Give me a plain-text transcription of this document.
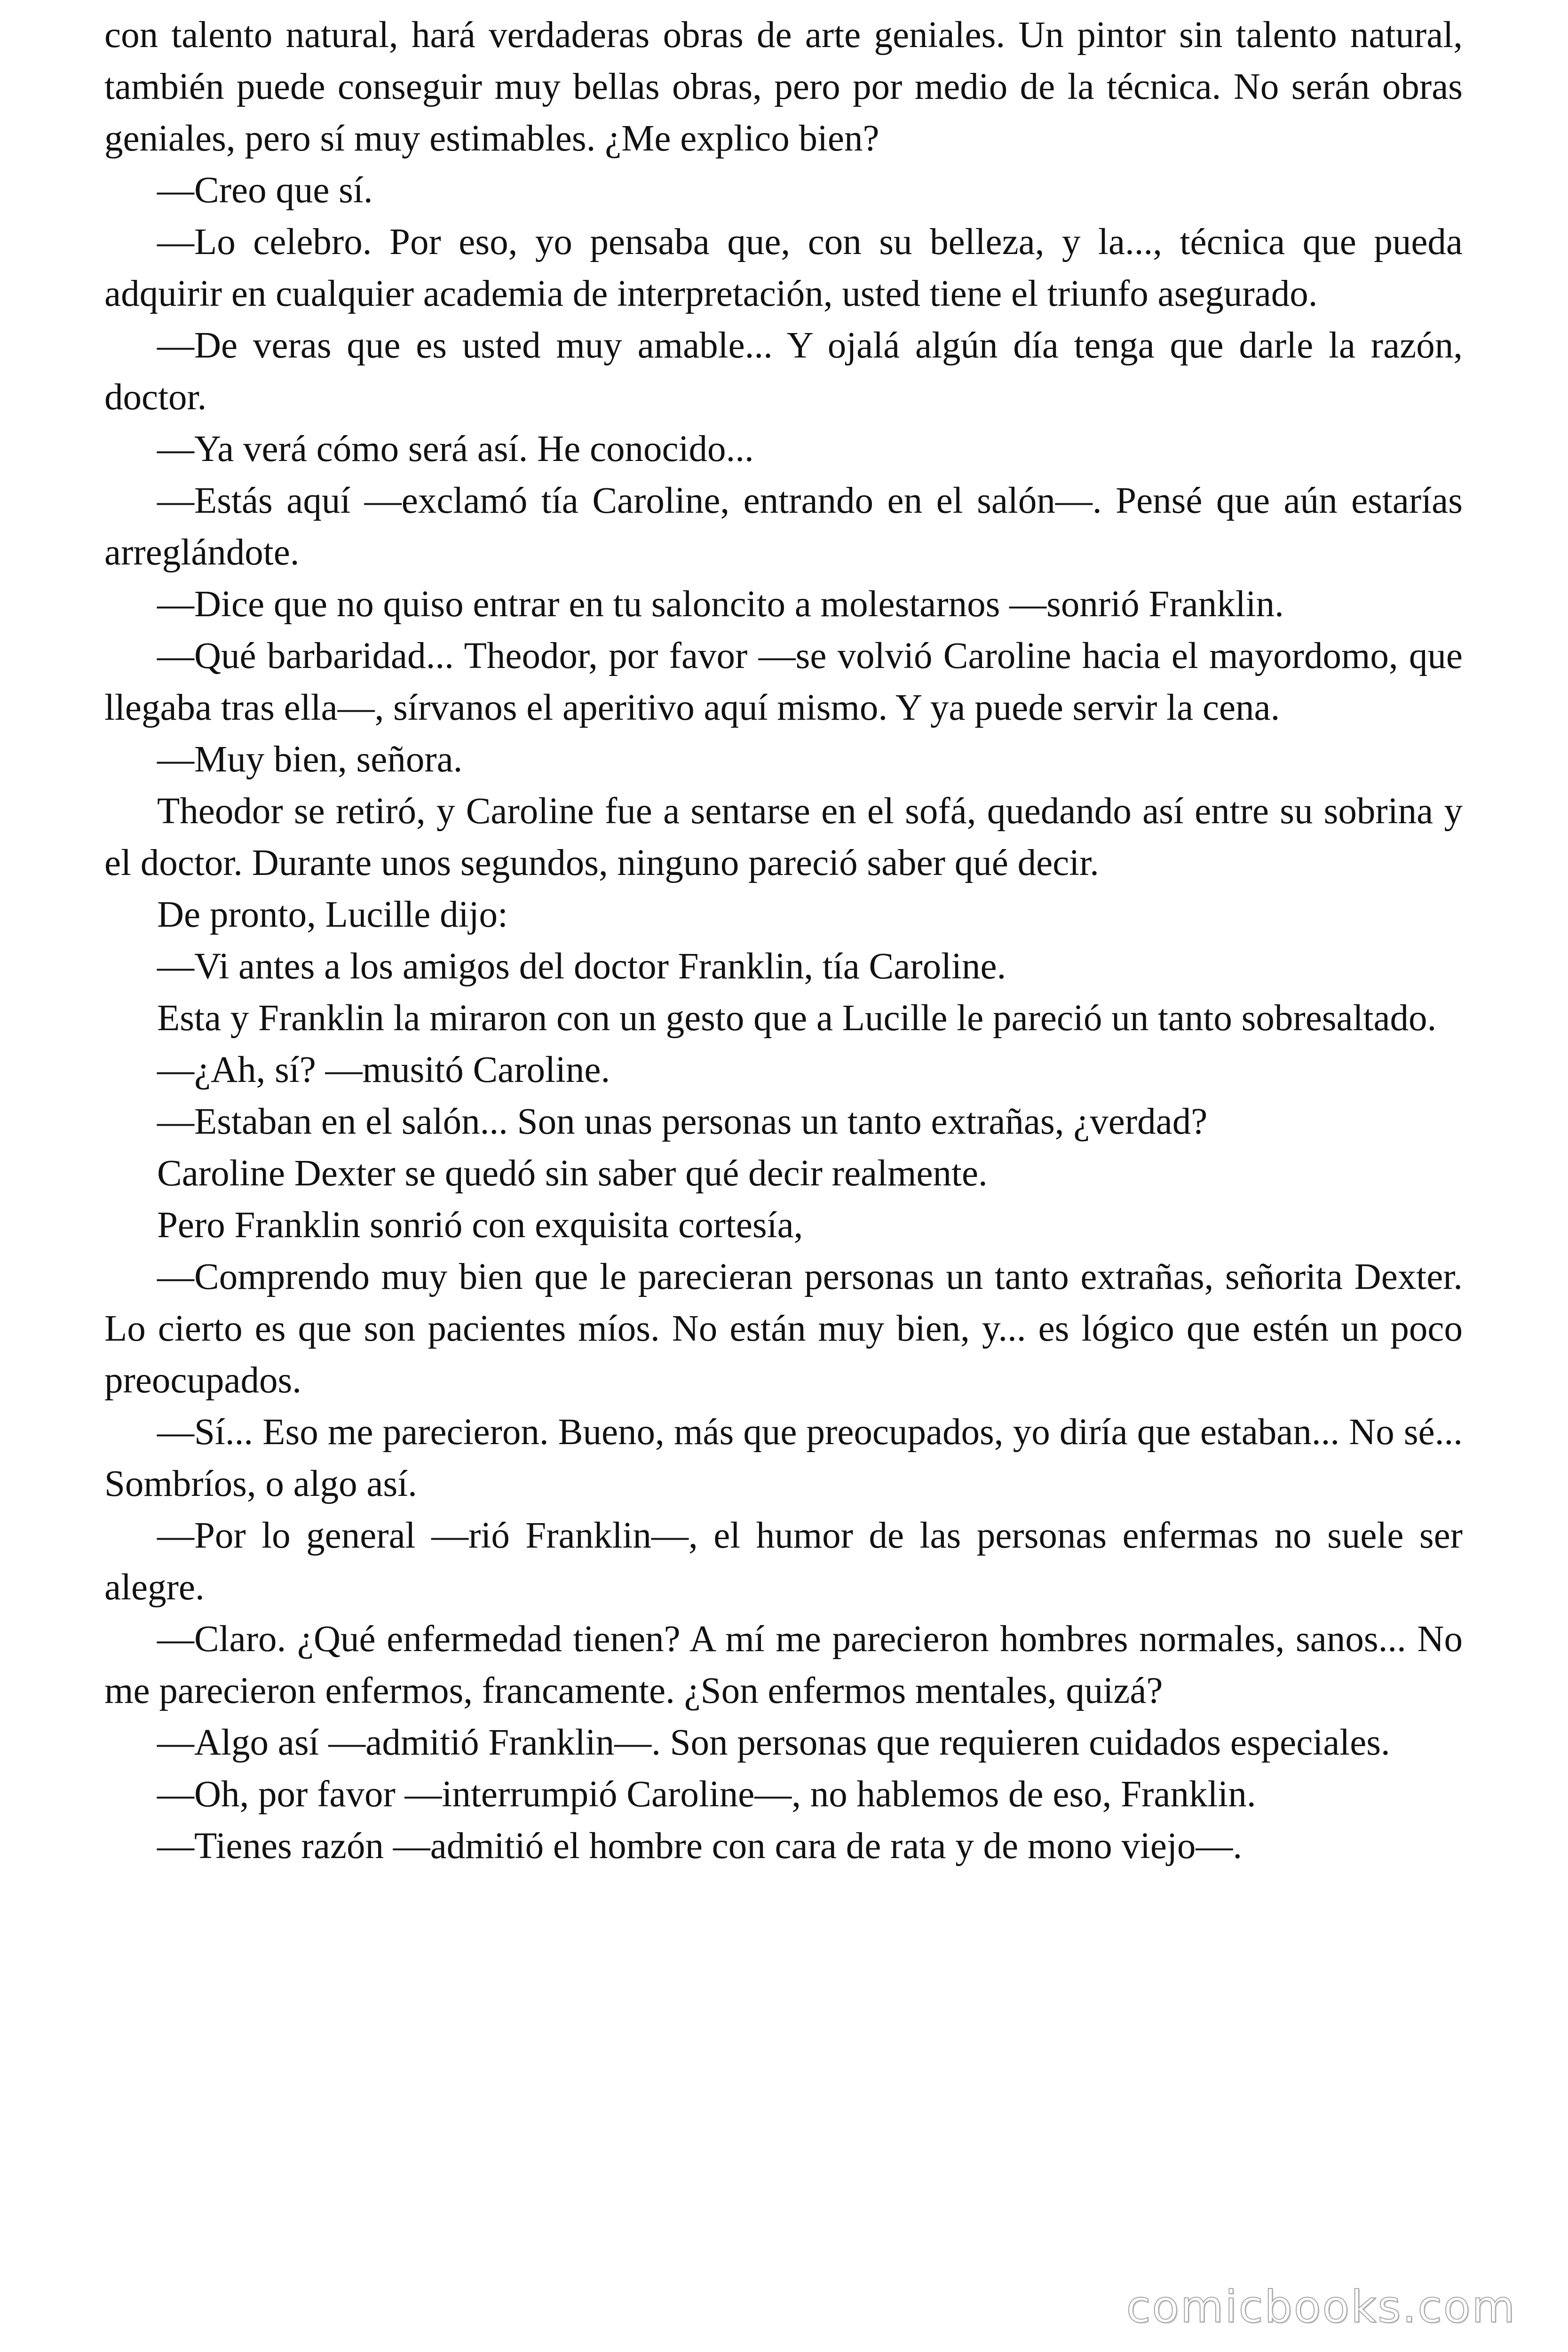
con talento natural, hará verdaderas obras de arte geniales. Un pintor sin talento natural, también puede conseguir muy bellas obras, pero por medio de la técnica. No serán obras geniales, pero sí muy estimables. ¿Me explico bien?

—Creo que sí.

—Lo celebro. Por eso, yo pensaba que, con su belleza, y la..., técnica que pueda adquirir en cualquier academia de interpretación, usted tiene el triunfo asegurado.

—De veras que es usted muy amable... Y ojalá algún día tenga que darle la razón, doctor.

—Ya verá cómo será así. He conocido...

—Estás aquí —exclamó tía Caroline, entrando en el salón—. Pensé que aún estarías arreglándote.

—Dice que no quiso entrar en tu saloncito a molestarnos —sonrió Franklin.

—Qué barbaridad... Theodor, por favor —se volvió Caroline hacia el mayordomo, que llegaba tras ella—, sírvanos el aperitivo aquí mismo. Y ya puede servir la cena.

—Muy bien, señora.

Theodor se retiró, y Caroline fue a sentarse en el sofá, quedando así entre su sobrina y el doctor. Durante unos segundos, ninguno pareció saber qué decir.

De pronto, Lucille dijo:

—Vi antes a los amigos del doctor Franklin, tía Caroline.

Esta y Franklin la miraron con un gesto que a Lucille le pareció un tanto sobresaltado.

—¿Ah, sí? —musitó Caroline.

—Estaban en el salón... Son unas personas un tanto extrañas, ¿verdad?

Caroline Dexter se quedó sin saber qué decir realmente.

Pero Franklin sonrió con exquisita cortesía,

—Comprendo muy bien que le parecieran personas un tanto extrañas, señorita Dexter. Lo cierto es que son pacientes míos. No están muy bien, y... es lógico que estén un poco preocupados.

—Sí... Eso me parecieron. Bueno, más que preocupados, yo diría que estaban... No sé... Sombríos, o algo así.

—Por lo general —rió Franklin—, el humor de las personas enfermas no suele ser alegre.

—Claro. ¿Qué enfermedad tienen? A mí me parecieron hombres normales, sanos... No me parecieron enfermos, francamente. ¿Son enfermos mentales, quizá?

—Algo así —admitió Franklin—. Son personas que requieren cuidados especiales.

—Oh, por favor —interrumpió Caroline—, no hablemos de eso, Franklin.

—Tienes razón —admitió el hombre con cara de rata y de mono viejo—.

comicbooks.com
